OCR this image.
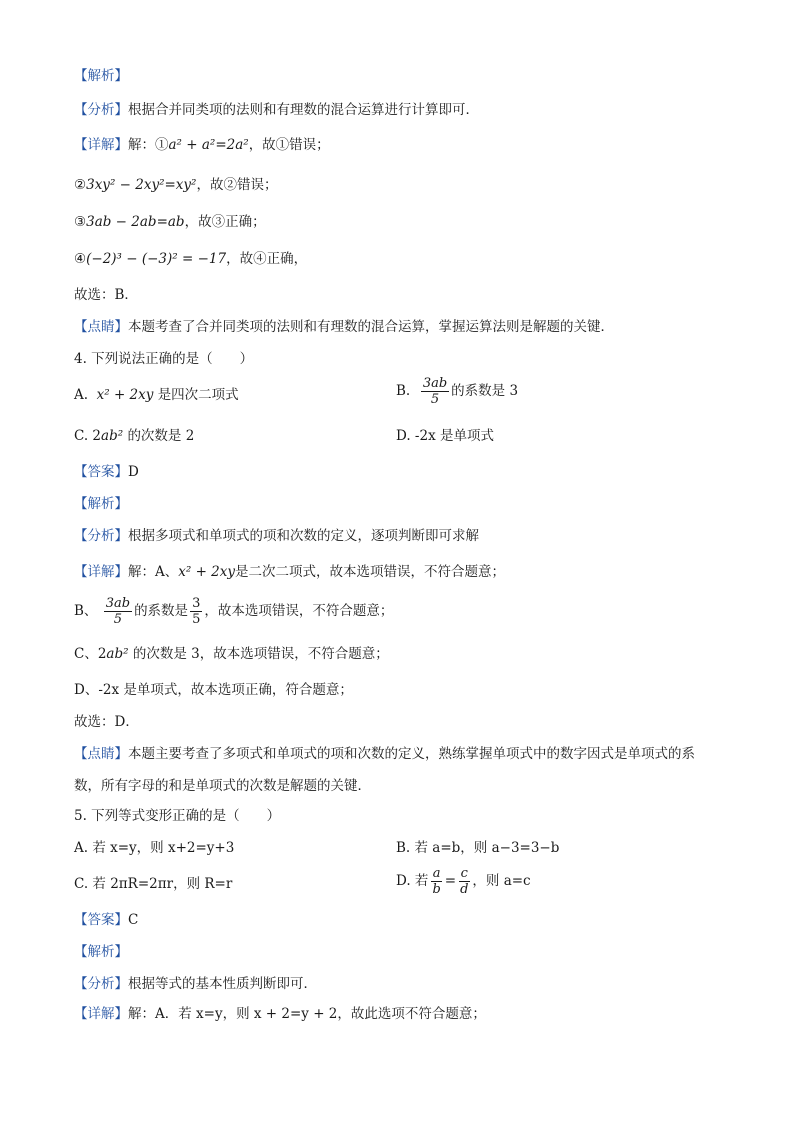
【解析】
【分析】根据合并同类项的法则和有理数的混合运算进行计算即可．
【详解】解：①a² + a²=2a²，故①错误；
②3xy² − 2xy²=xy²，故②错误；
③3ab − 2ab=ab，故③正确；
④(−2)³ − (−3)² = −17，故④正确，
故选：B．
【点睛】本题考查了合并同类项的法则和有理数的混合运算，掌握运算法则是解题的关键．
4. 下列说法正确的是（　　）
A. x² + 2xy 是四次二项式	B. $\frac{3ab}{5}$ 的系数是 3
C. 2ab² 的次数是 2	D. -2x 是单项式
【答案】D
【解析】
【分析】根据多项式和单项式的项和次数的定义，逐项判断即可求解
【详解】解：A、x² + 2xy是二次二项式，故本选项错误，不符合题意；
B、 $\frac{3ab}{5}$ 的系数是 $\frac{3}{5}$ ，故本选项错误，不符合题意；
C、2ab² 的次数是 3，故本选项错误，不符合题意；
D、-2x 是单项式，故本选项正确，符合题意；
故选：D．
【点睛】本题主要考查了多项式和单项式的项和次数的定义，熟练掌握单项式中的数字因式是单项式的系
数，所有字母的和是单项式的次数是解题的关键．
5. 下列等式变形正确的是（　　）
A. 若 x=y，则 x+2=y+3	B. 若 a=b，则 a−3=3−b
C. 若 2πR=2πr，则 R=r	D. 若 $\frac{a}{b} = \frac{c}{d}$ ，则 a=c
【答案】C
【解析】
【分析】根据等式的基本性质判断即可．
【详解】解：A．若 x=y，则 x + 2=y + 2，故此选项不符合题意；
